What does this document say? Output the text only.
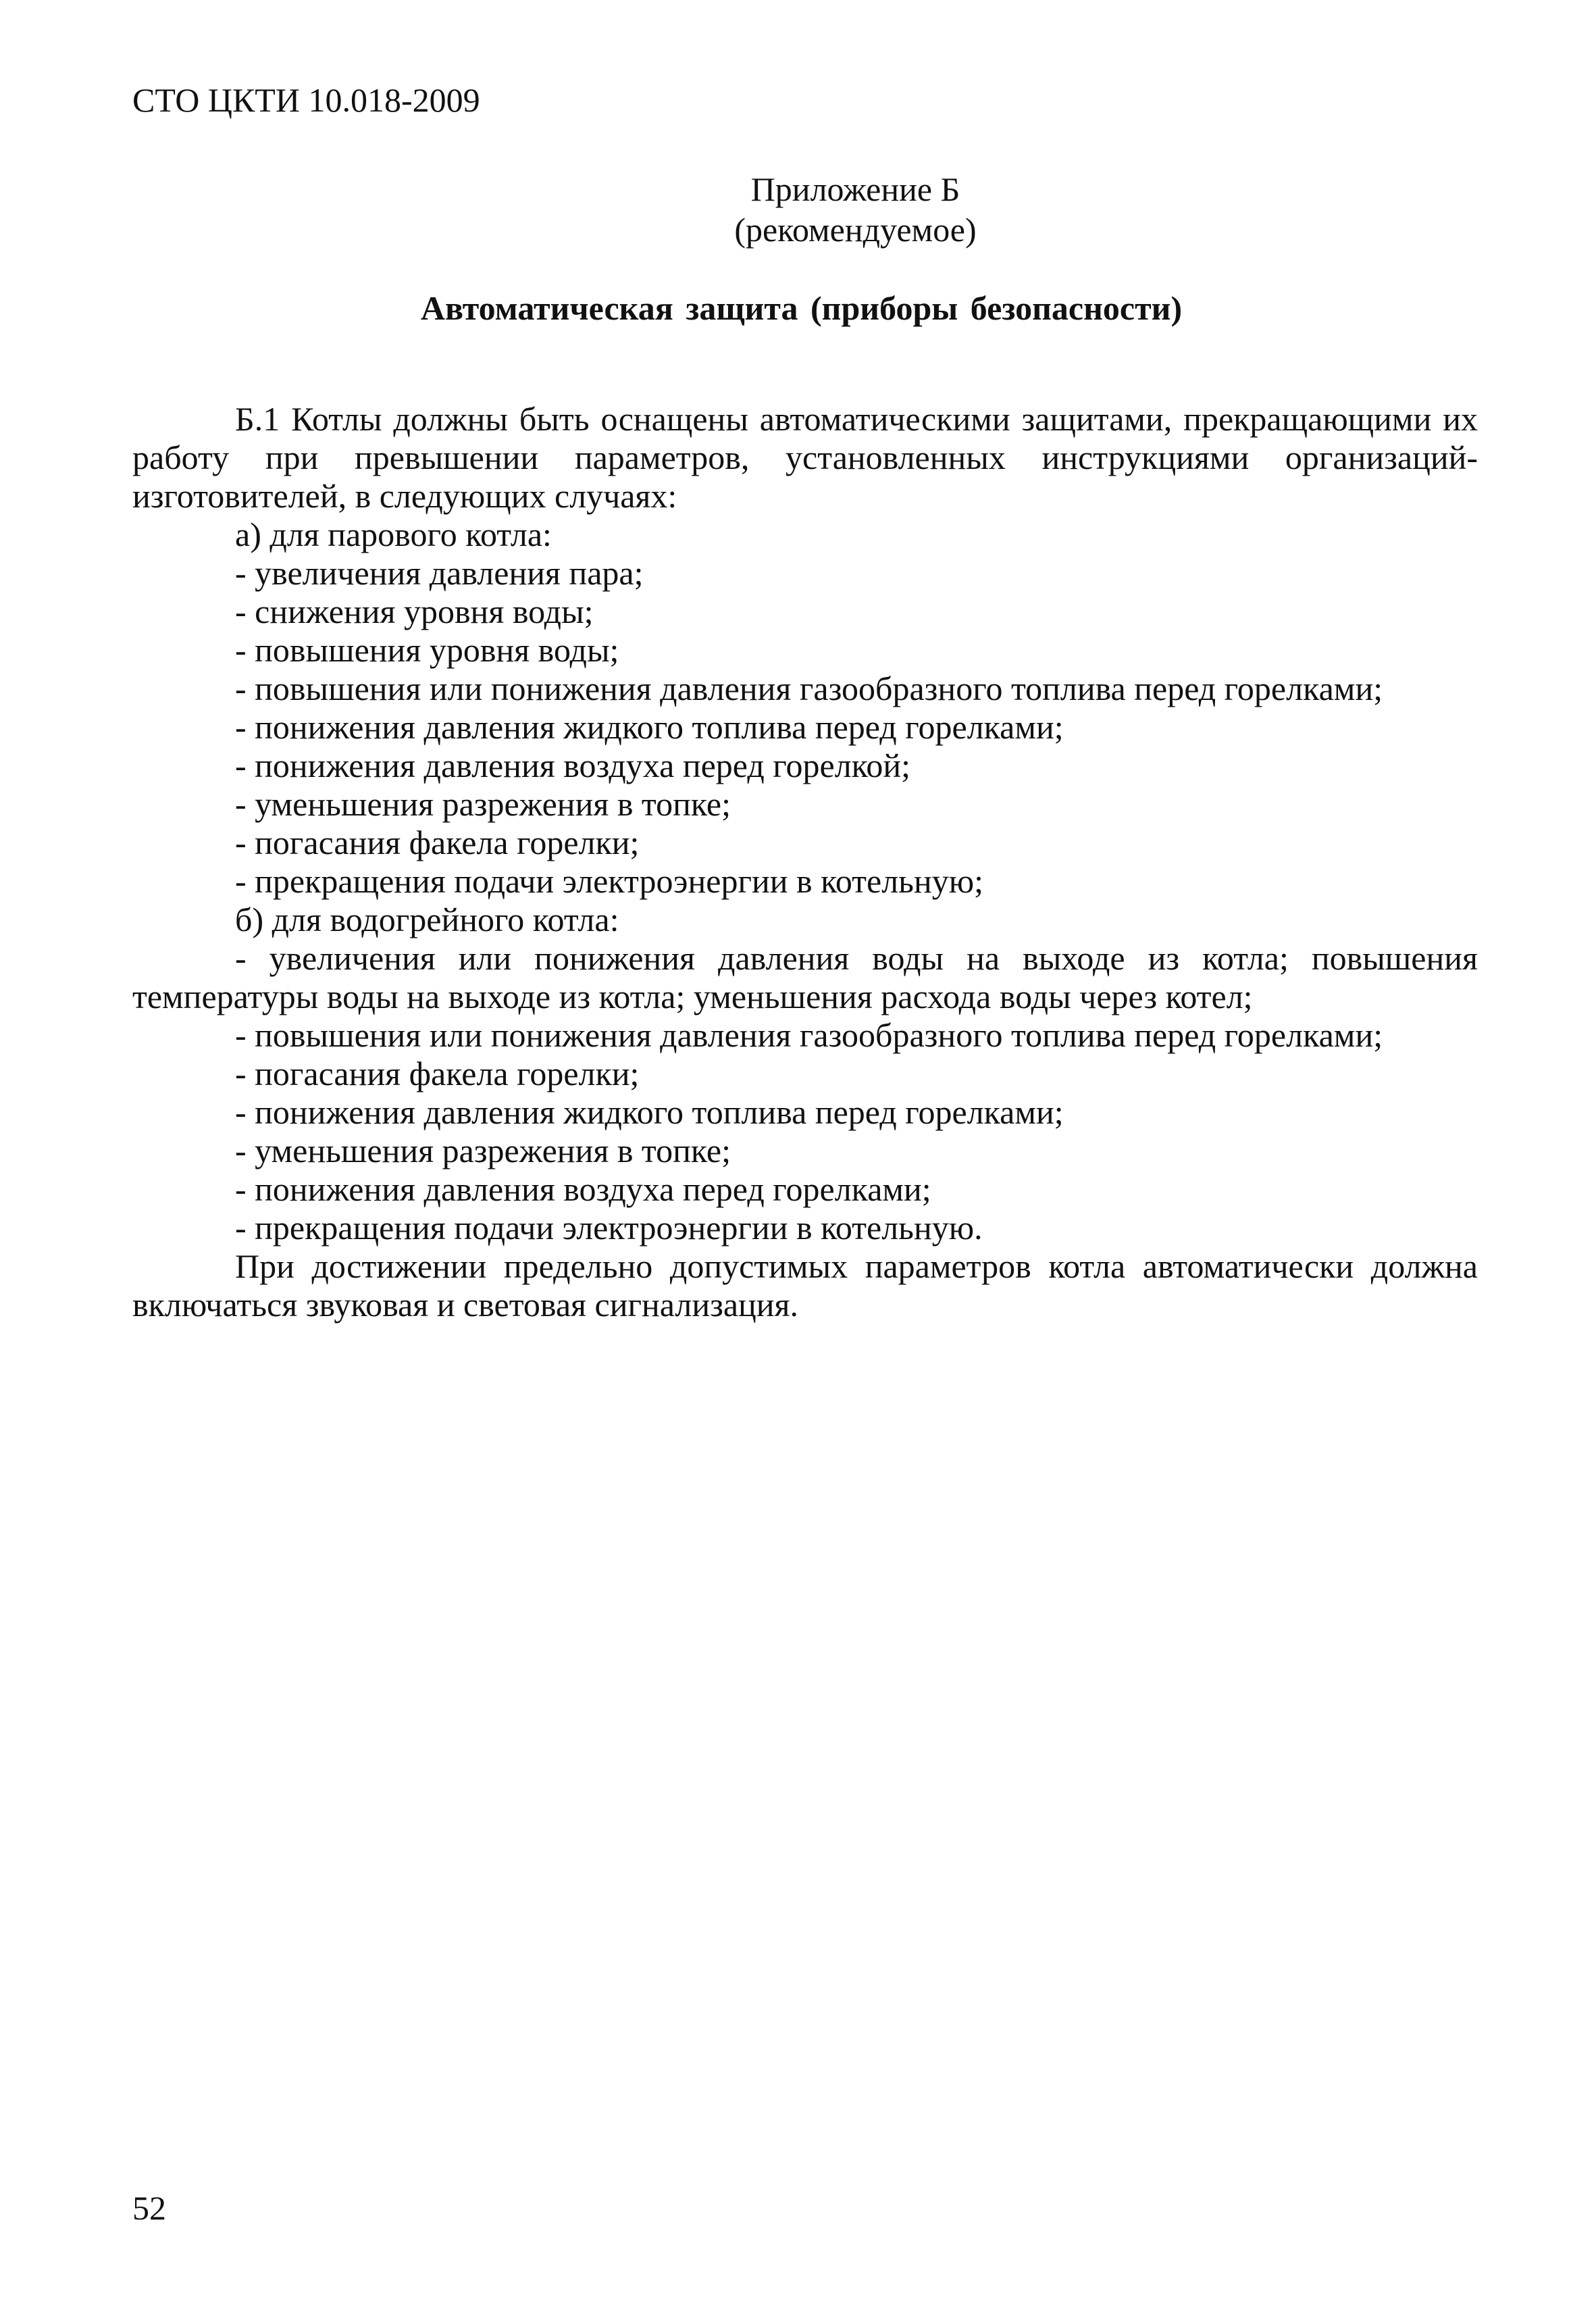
СТО ЦКТИ 10.018-2009
Приложение Б
(рекомендуемое)
Автоматическая защита (приборы безопасности)

Б.1 Котлы должны быть оснащены автоматическими защитами, прекращающими их работу при превышении параметров, установленных инструкциями организаций-изготовителей, в следующих случаях:

а) для парового котла:

- увеличения давления пара;

- снижения уровня воды;

- повышения уровня воды;

- повышения или понижения давления газообразного топлива перед горелками;

- понижения давления жидкого топлива перед горелками;

- понижения давления воздуха перед горелкой;

- уменьшения разрежения в топке;

- погасания факела горелки;

- прекращения подачи электроэнергии в котельную;

б) для водогрейного котла:

- увеличения или понижения давления воды на выходе из котла; повышения температуры воды на выходе из котла; уменьшения расхода воды через котел;

- повышения или понижения давления газообразного топлива перед горелками;

- погасания факела горелки;

- понижения давления жидкого топлива перед горелками;

- уменьшения разрежения в топке;

- понижения давления воздуха перед горелками;

- прекращения подачи электроэнергии в котельную.

При достижении предельно допустимых параметров котла автоматически должна включаться звуковая и световая сигнализация.

52
